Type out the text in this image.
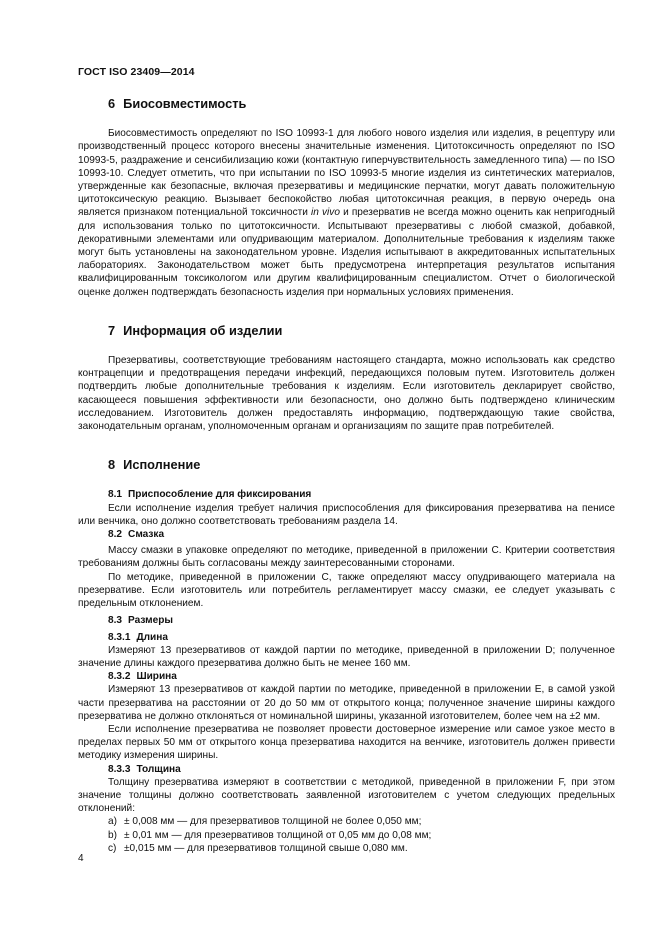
ГОСТ ISO 23409—2014
6 Биосовместимость

Биосовместимость определяют по ISO 10993-1 для любого нового изделия или изделия, в рецептуру или производственный процесс которого внесены значительные изменения. Цитотоксичность определяют по ISO 10993-5, раздражение и сенсибилизацию кожи (контактную гиперчувствительность замедленного типа) — по ISO 10993-10. Следует отметить, что при испытании по ISO 10993-5 многие изделия из синтетических материалов, утвержденные как безопасные, включая презервативы и медицинские перчатки, могут давать положительную цитотоксическую реакцию. Вызывает беспокойство любая цитотоксичная реакция, в первую очередь она является признаком потенциальной токсичности in vivo и презерватив не всегда можно оценить как непригодный для использования только по цитотоксичности. Испытывают презервативы с любой смазкой, добавкой, декоративными элементами или опудривающим материалом. Дополнительные требования к изделиям также могут быть установлены на законодательном уровне. Изделия испытывают в аккредитованных испытательных лабораториях. Законодательством может быть предусмотрена интерпретация результатов испытания квалифицированным токсикологом или другим квалифицированным специалистом. Отчет о биологической оценке должен подтверждать безопасность изделия при нормальных условиях применения.

7 Информация об изделии

Презервативы, соответствующие требованиям настоящего стандарта, можно использовать как средство контрацепции и предотвращения передачи инфекций, передающихся половым путем. Изготовитель должен подтвердить любые дополнительные требования к изделиям. Если изготовитель декларирует свойство, касающееся повышения эффективности или безопасности, оно должно быть подтверждено клиническим исследованием. Изготовитель должен предоставлять информацию, подтверждающую такие свойства, законодательным органам, уполномоченным органам и организациям по защите прав потребителей.

8 Исполнение
8.1 Приспособление для фиксирования

Если исполнение изделия требует наличия приспособления для фиксирования презерватива на пенисе или венчика, оно должно соответствовать требованиям раздела 14.

8.2 Смазка

Массу смазки в упаковке определяют по методике, приведенной в приложении С. Критерии соответствия требованиям должны быть согласованы между заинтересованными сторонами.

По методике, приведенной в приложении С, также определяют массу опудривающего материала на презервативе. Если изготовитель или потребитель регламентирует массу смазки, ее следует указывать с предельным отклонением.

8.3 Размеры
8.3.1 Длина

Измеряют 13 презервативов от каждой партии по методике, приведенной в приложении D; полученное значение длины каждого презерватива должно быть не менее 160 мм.

8.3.2 Ширина

Измеряют 13 презервативов от каждой партии по методике, приведенной в приложении Е, в самой узкой части презерватива на расстоянии от 20 до 50 мм от открытого конца; полученное значение ширины каждого презерватива не должно отклоняться от номинальной ширины, указанной изготовителем, более чем на ±2 мм.

Если исполнение презерватива не позволяет провести достоверное измерение или самое узкое место в пределах первых 50 мм от открытого конца презерватива находится на венчике, изготовитель должен привести методику измерения ширины.

8.3.3 Толщина

Толщину презерватива измеряют в соответствии с методикой, приведенной в приложении F, при этом значение толщины должно соответствовать заявленной изготовителем с учетом следующих предельных отклонений:

a) ± 0,008 мм — для презервативов толщиной не более 0,050 мм;

b) ± 0,01 мм — для презервативов толщиной от 0,05 мм до 0,08 мм;

c) ±0,015 мм — для презервативов толщиной свыше 0,080 мм.

4
